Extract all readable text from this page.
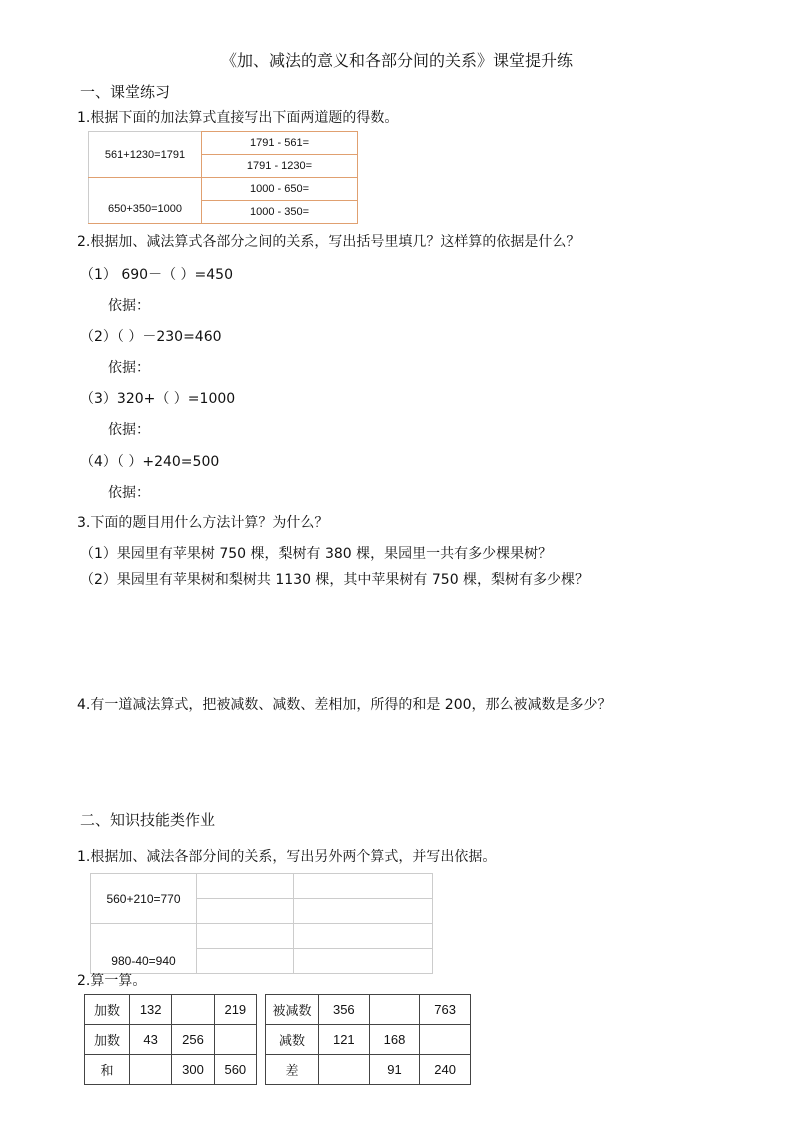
《加、减法的意义和各部分间的关系》课堂提升练
一、课堂练习
1.根据下面的加法算式直接写出下面两道题的得数。
561+1230=1791	1791 - 561=
	1791 - 1230=
650+350=1000	1000 - 650=
	1000 - 350=
2.根据加、减法算式各部分之间的关系，写出括号里填几？这样算的依据是什么？
（1） 690－（ ）=450
依据：
（2）（ ）－230=460
依据：
（3）320+（ ）=1000
依据：
（4）（ ）+240=500
依据：
3.下面的题目用什么方法计算？为什么？
（1）果园里有苹果树 750 棵，梨树有 380 棵，果园里一共有多少棵果树？
（2）果园里有苹果树和梨树共 1130 棵，其中苹果树有 750 棵，梨树有多少棵？
4.有一道减法算式，把被减数、减数、差相加，所得的和是 200，那么被减数是多少？
二、知识技能类作业
1.根据加、减法各部分间的关系，写出另外两个算式，并写出依据。
560+210=770		

980-40=940		

2.算一算。
加数	132		219
加数	43	256	
和		300	560
被减数	356		763
减数	121	168	
差		91	240
